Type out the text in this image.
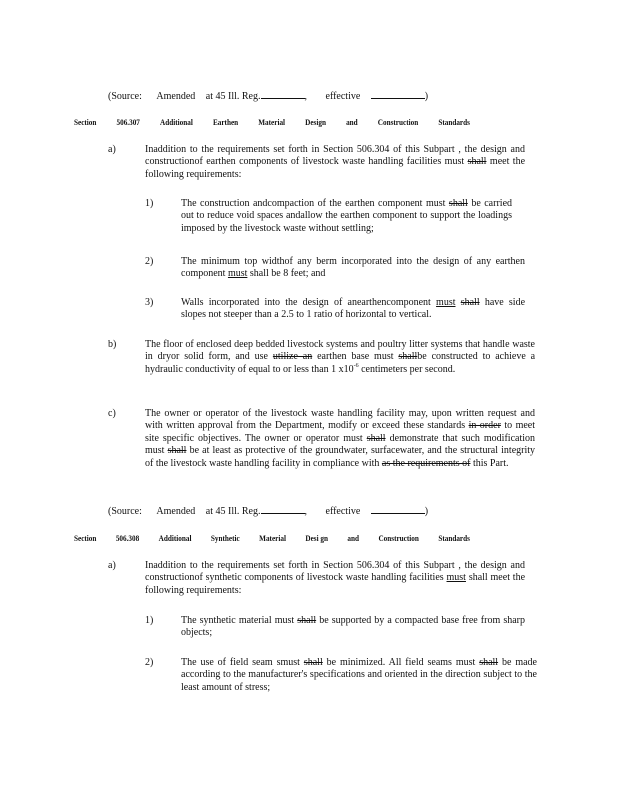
(Source: Amended at 45 Ill. Reg.	, effective	)
Section	506.307	Additional	Earthen	Material	Design	and	Construction	Standards
a)	Inaddition to the requirements set forth in Section 506.304 of this Subpart , the design and constructionof earthen components of livestock waste handling facilities must shall meet the following requirements:
1)	The construction andcompaction of the earthen component must shall be carried out to reduce void spaces andallow the earthen component to support the loadings imposed by the livestock waste without settling;
2)	The minimum top widthof any berm incorporated into the design of any earthen component must shall be 8 feet; and
3)	Walls incorporated into the design of anearthencomponent must shall have side slopes not steeper than a 2.5 to 1 ratio of horizontal to vertical.
b)	The floor of enclosed deep bedded livestock systems and poultry litter systems that handle waste in dryor solid form, and use utilize an earthen base must shallbe constructed to achieve a hydraulic conductivity of equal to or less than 1 $x10^{-6}$ centimeters per second.
c)	The owner or operator of the livestock waste handling facility may, upon written request and with written approval from the Department, modify or exceed these standards in order to meet site specific objectives. The owner or operator must shall demonstrate that such modification must shall be at least as protective of the groundwater, surfacewater, and the structural integrity of the livestock waste handling facility in compliance with as the requirements of this Part.
(Source: Amended at 45 Ill. Reg.	, effective	)
Section 506.308 Additional Synthetic Material Desi gn and Construction Standards
a)	Inaddition to the requirements set forth in Section 506.304 of this Subpart , the design and constructionof synthetic components of livestock waste handling facilities must shall meet the following requirements:
1)	The synthetic material must shall be supported by a compacted base free from sharp objects;
2)	The use of field seam smust shall be minimized. All field seams must shall be made according to the manufacturer's specifications and oriented in the direction subject to the least amount of stress;
